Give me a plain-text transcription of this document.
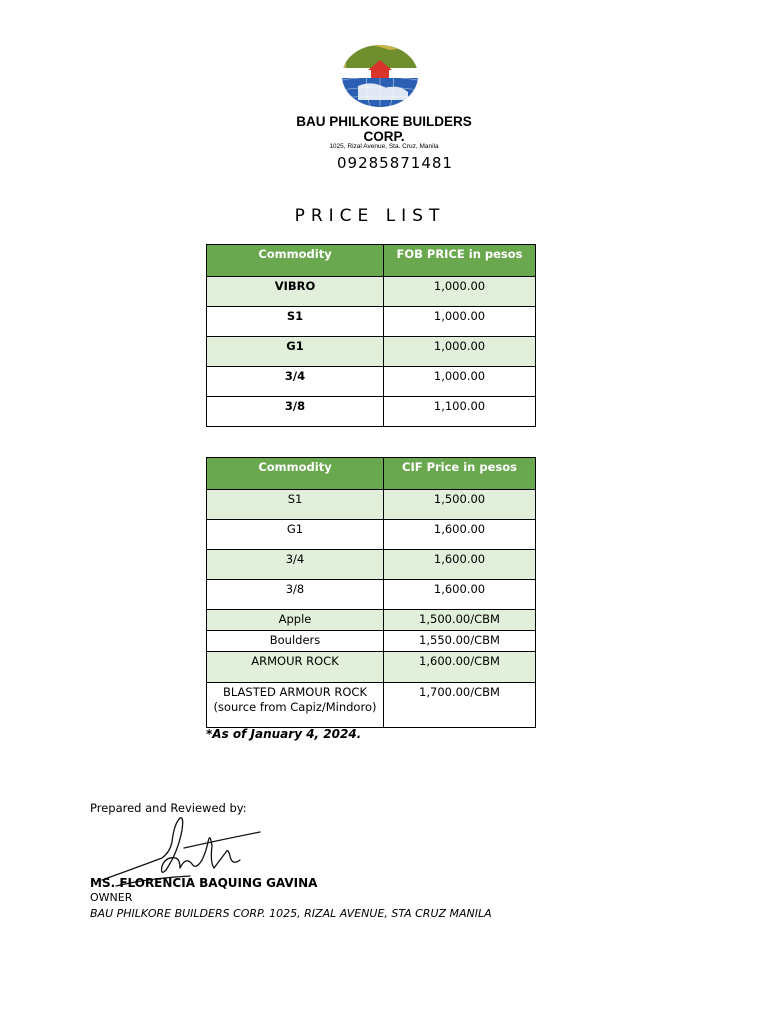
BAU PHILKORE BUILDERS CORP.
1025, Rizal Avenue, Sta. Cruz, Manila
09285871481
PRICE LIST
Commodity	FOB PRICE in pesos
VIBRO	1,000.00
S1	1,000.00
G1	1,000.00
3/4	1,000.00
3/8	1,100.00
Commodity	CIF Price in pesos
S1	1,500.00
G1	1,600.00
3/4	1,600.00
3/8	1,600.00
Apple	1,500.00/CBM
Boulders	1,550.00/CBM
ARMOUR ROCK	1,600.00/CBM
BLASTED ARMOUR ROCK (source from Capiz/Mindoro)	1,700.00/CBM
*As of January 4, 2024.
Prepared and Reviewed by:
MS. FLORENCIA BAQUING GAVINA
OWNER
BAU PHILKORE BUILDERS CORP. 1025, RIZAL AVENUE, STA CRUZ MANILA
